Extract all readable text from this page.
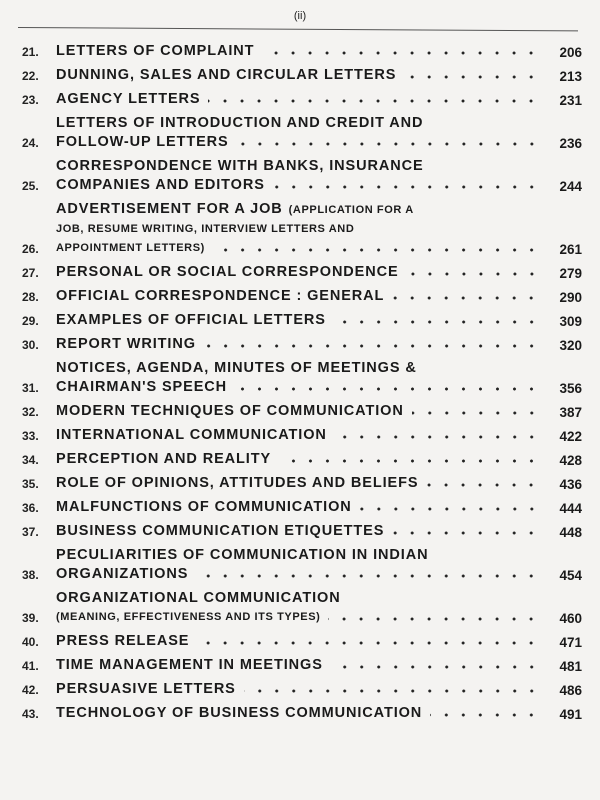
(ii)
21.	LETTERS OF COMPLAINT	206
22.	DUNNING, SALES AND CIRCULAR LETTERS	213
23.	AGENCY LETTERS	231
24.
LETTERS OF INTRODUCTION AND CREDIT AND
FOLLOW-UP LETTERS	236
25.
CORRESPONDENCE WITH BANKS, INSURANCE
COMPANIES AND EDITORS	244
26.
ADVERTISEMENT FOR A JOB (APPLICATION FOR A
JOB, RESUME WRITING, INTERVIEW LETTERS AND
APPOINTMENT LETTERS)	261
27.	PERSONAL OR SOCIAL CORRESPONDENCE	279
28.	OFFICIAL CORRESPONDENCE : GENERAL	290
29.	EXAMPLES OF OFFICIAL LETTERS	309
30.	REPORT WRITING	320
31.
NOTICES, AGENDA, MINUTES OF MEETINGS &
CHAIRMAN'S SPEECH	356
32.	MODERN TECHNIQUES OF COMMUNICATION	387
33.	INTERNATIONAL COMMUNICATION	422
34.	PERCEPTION AND REALITY	428
35.	ROLE OF OPINIONS, ATTITUDES AND BELIEFS	436
36.	MALFUNCTIONS OF COMMUNICATION	444
37.	BUSINESS COMMUNICATION ETIQUETTES	448
38.
PECULIARITIES OF COMMUNICATION IN INDIAN
ORGANIZATIONS	454
39.
ORGANIZATIONAL COMMUNICATION
(MEANING, EFFECTIVENESS AND ITS TYPES)	460
40.	PRESS RELEASE	471
41.	TIME MANAGEMENT IN MEETINGS	481
42.	PERSUASIVE LETTERS	486
43.	TECHNOLOGY OF BUSINESS COMMUNICATION	491
